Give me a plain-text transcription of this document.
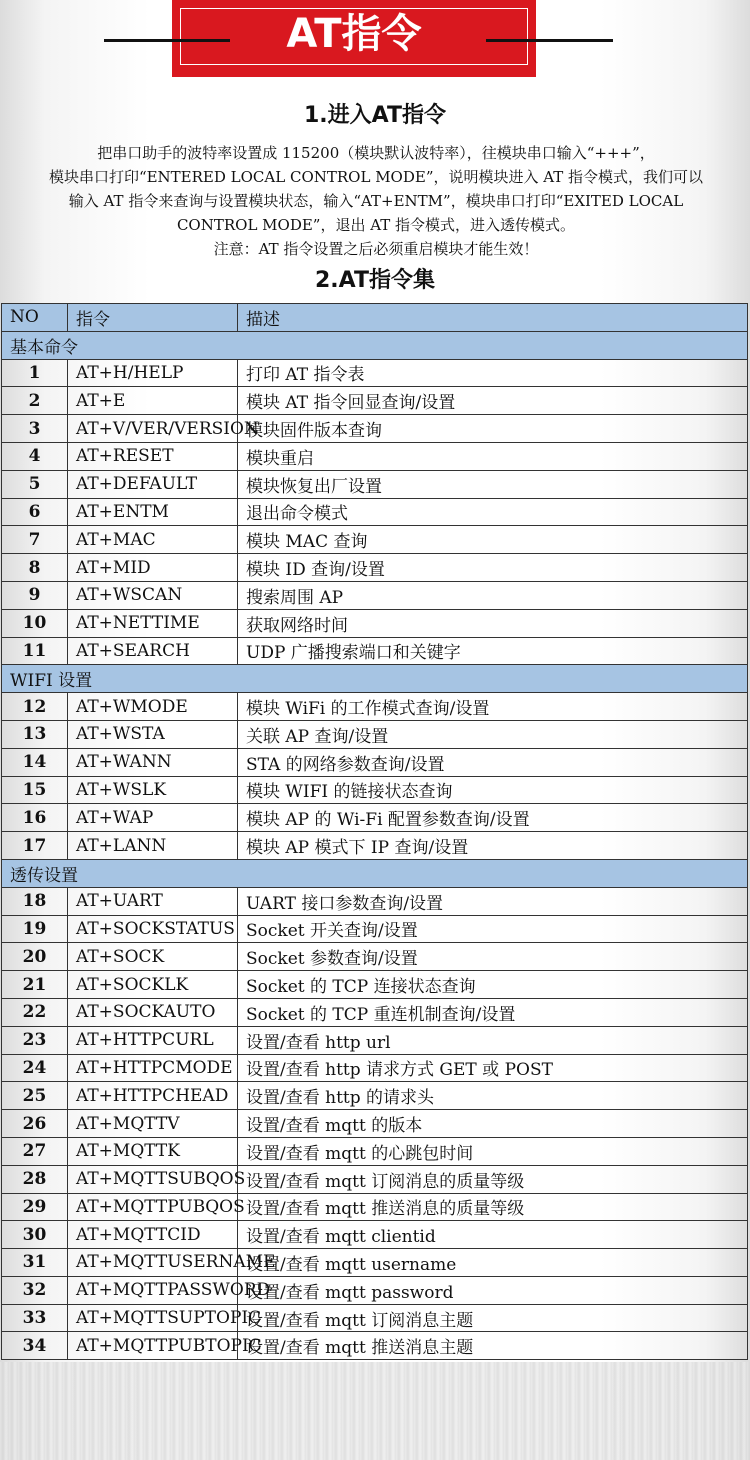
AT指令
1.进入AT指令

把串口助手的波特率设置成 115200（模块默认波特率），往模块串口输入“+++”，

模块串口打印“ENTERED LOCAL CONTROL MODE”，说明模块进入 AT 指令模式，我们可以

输入 AT 指令来查询与设置模块状态，输入“AT+ENTM”，模块串口打印“EXITED LOCAL

CONTROL MODE”，退出 AT 指令模式，进入透传模式。

注意：AT 指令设置之后必须重启模块才能生效！

2.AT指令集
NO	指令	描述
基本命令		
1	AT+H/HELP	打印 AT 指令表
2	AT+E	模块 AT 指令回显查询/设置
3	AT+V/VER/VERSION	模块固件版本查询
4	AT+RESET	模块重启
5	AT+DEFAULT	模块恢复出厂设置
6	AT+ENTM	退出命令模式
7	AT+MAC	模块 MAC 查询
8	AT+MID	模块 ID 查询/设置
9	AT+WSCAN	搜索周围 AP
10	AT+NETTIME	获取网络时间
11	AT+SEARCH	UDP 广播搜索端口和关键字
WIFI 设置		
12	AT+WMODE	模块 WiFi 的工作模式查询/设置
13	AT+WSTA	关联 AP 查询/设置
14	AT+WANN	STA 的网络参数查询/设置
15	AT+WSLK	模块 WIFI 的链接状态查询
16	AT+WAP	模块 AP 的 Wi-Fi 配置参数查询/设置
17	AT+LANN	模块 AP 模式下 IP 查询/设置
透传设置		
18	AT+UART	UART 接口参数查询/设置
19	AT+SOCKSTATUS	Socket 开关查询/设置
20	AT+SOCK	Socket 参数查询/设置
21	AT+SOCKLK	Socket 的 TCP 连接状态查询
22	AT+SOCKAUTO	Socket 的 TCP 重连机制查询/设置
23	AT+HTTPCURL	设置/查看 http url
24	AT+HTTPCMODE	设置/查看 http 请求方式 GET 或 POST
25	AT+HTTPCHEAD	设置/查看 http 的请求头
26	AT+MQTTV	设置/查看 mqtt 的版本
27	AT+MQTTK	设置/查看 mqtt 的心跳包时间
28	AT+MQTTSUBQOS	设置/查看 mqtt 订阅消息的质量等级
29	AT+MQTTPUBQOS	设置/查看 mqtt 推送消息的质量等级
30	AT+MQTTCID	设置/查看 mqtt clientid
31	AT+MQTTUSERNAME	设置/查看 mqtt username
32	AT+MQTTPASSWORD	设置/查看 mqtt password
33	AT+MQTTSUPTOPIC	设置/查看 mqtt 订阅消息主题
34	AT+MQTTPUBTOPIC	设置/查看 mqtt 推送消息主题
